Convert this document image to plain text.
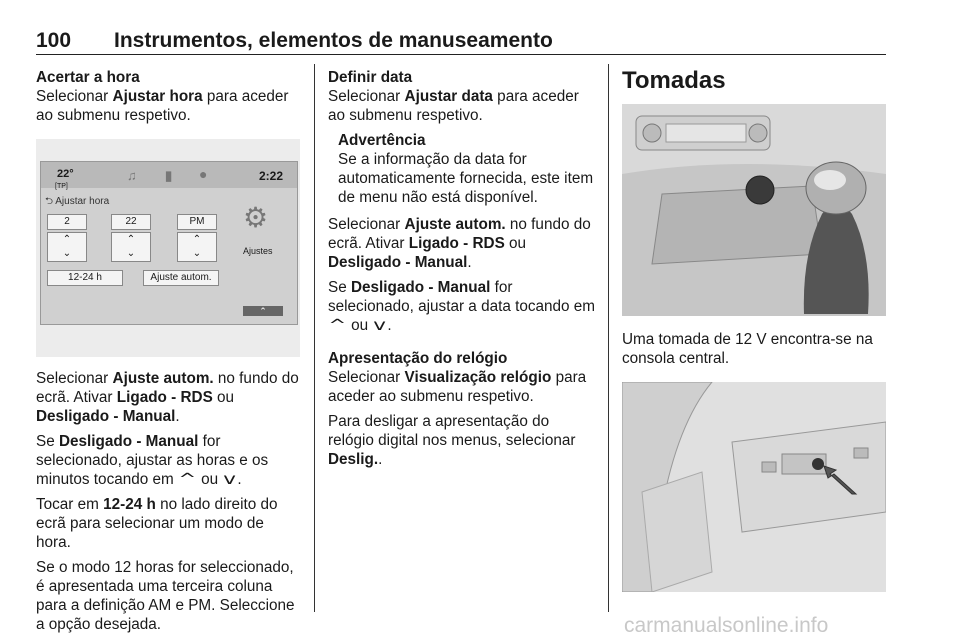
100 Instrumentos, elementos de manuseamento

Acertar a hora

Selecionar Ajustar hora para aceder ao submenu respetivo.

22°
[TP]
♫ ▮ ●	2:22
⮌ Ajustar hora
2	22	PM
⌃
⌄
⌃
⌄
⌃
⌄
12-24 h	Ajuste autom.
⚙
Ajustes
⌃

Selecionar Ajuste autom. no fundo do ecrã. Ativar Ligado - RDS ou Desligado - Manual.

Se Desligado - Manual for selecionado, ajustar as horas e os minutos tocando em ^ ou v.

Tocar em 12-24 h no lado direito do ecrã para selecionar um modo de hora.

Se o modo 12 horas for seleccionado, é apresentada uma terceira coluna para a definição AM e PM. Seleccione a opção desejada.

Definir data

Selecionar Ajustar data para aceder ao submenu respetivo.

Advertência
Se a informação da data for automaticamente fornecida, este item de menu não está disponível.

Selecionar Ajuste autom. no fundo do ecrã. Ativar Ligado - RDS ou Desligado - Manual.

Se Desligado - Manual for selecionado, ajustar a data tocando em ^ ou v.

Apresentação do relógio

Selecionar Visualização relógio para aceder ao submenu respetivo.

Para desligar a apresentação do relógio digital nos menus, selecionar Deslig..

Tomadas

Uma tomada de 12 V encontra-se na consola central.

carmanualsonline.info
